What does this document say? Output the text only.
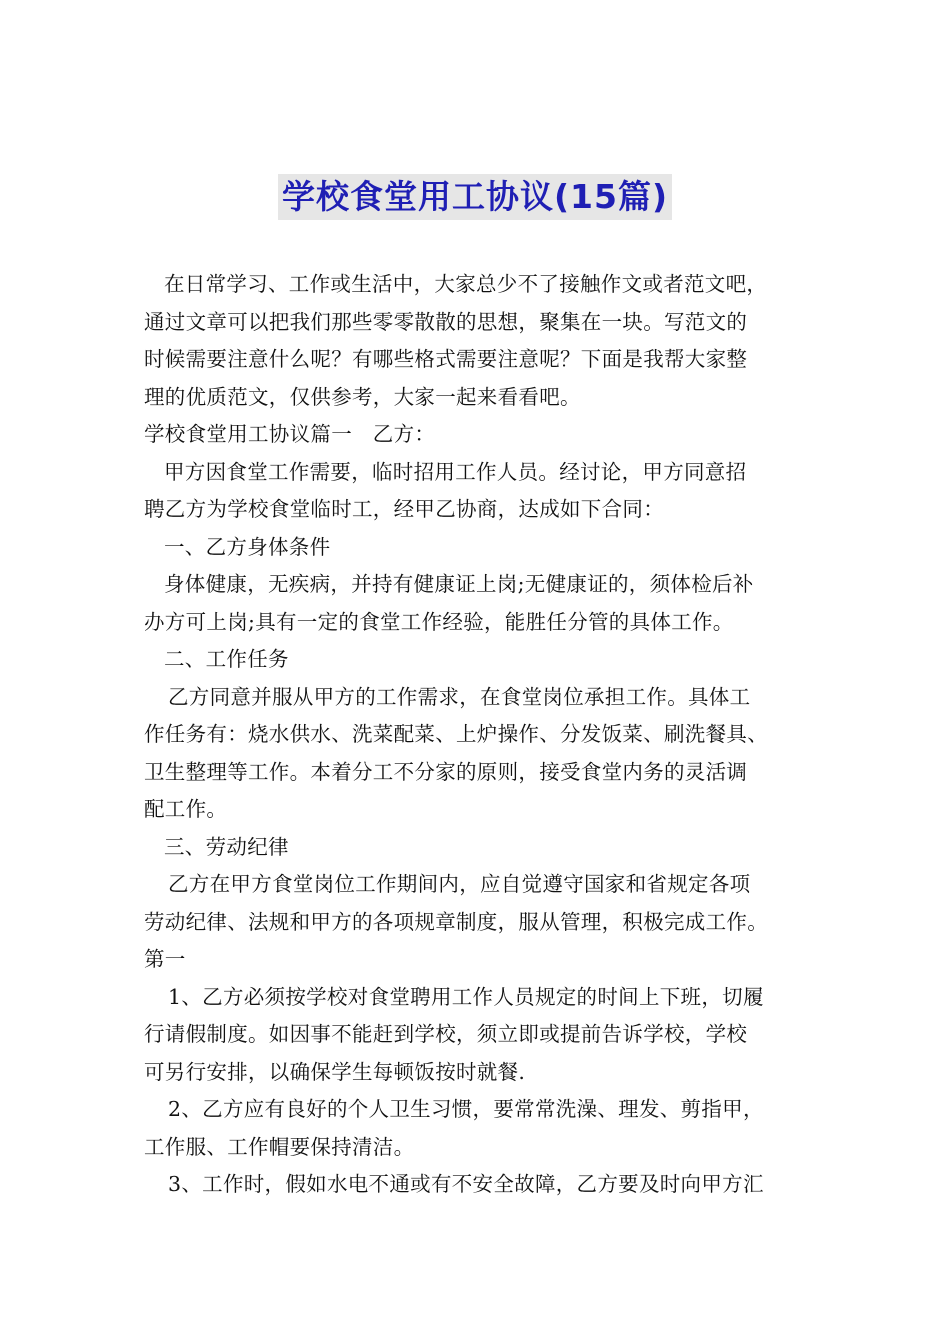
学校食堂用工协议(15篇)
在日常学习、工作或生活中，大家总少不了接触作文或者范文吧，
通过文章可以把我们那些零零散散的思想，聚集在一块。写范文的
时候需要注意什么呢？有哪些格式需要注意呢？下面是我帮大家整
理的优质范文，仅供参考，大家一起来看看吧。
学校食堂用工协议篇一　乙方：
甲方因食堂工作需要，临时招用工作人员。经讨论，甲方同意招
聘乙方为学校食堂临时工，经甲乙协商，达成如下合同：
一、乙方身体条件
身体健康，无疾病，并持有健康证上岗;无健康证的，须体检后补
办方可上岗;具有一定的食堂工作经验，能胜任分管的具体工作。
二、工作任务
乙方同意并服从甲方的工作需求，在食堂岗位承担工作。具体工
作任务有：烧水供水、洗菜配菜、上炉操作、分发饭菜、刷洗餐具、
卫生整理等工作。本着分工不分家的原则，接受食堂内务的灵活调
配工作。
三、劳动纪律
乙方在甲方食堂岗位工作期间内，应自觉遵守国家和省规定各项
劳动纪律、法规和甲方的各项规章制度，服从管理，积极完成工作。
第一
1、乙方必须按学校对食堂聘用工作人员规定的时间上下班，切履
行请假制度。如因事不能赶到学校，须立即或提前告诉学校，学校
可另行安排，以确保学生每顿饭按时就餐.
2、乙方应有良好的个人卫生习惯，要常常洗澡、理发、剪指甲，
工作服、工作帽要保持清洁。
3、工作时，假如水电不通或有不安全故障，乙方要及时向甲方汇
